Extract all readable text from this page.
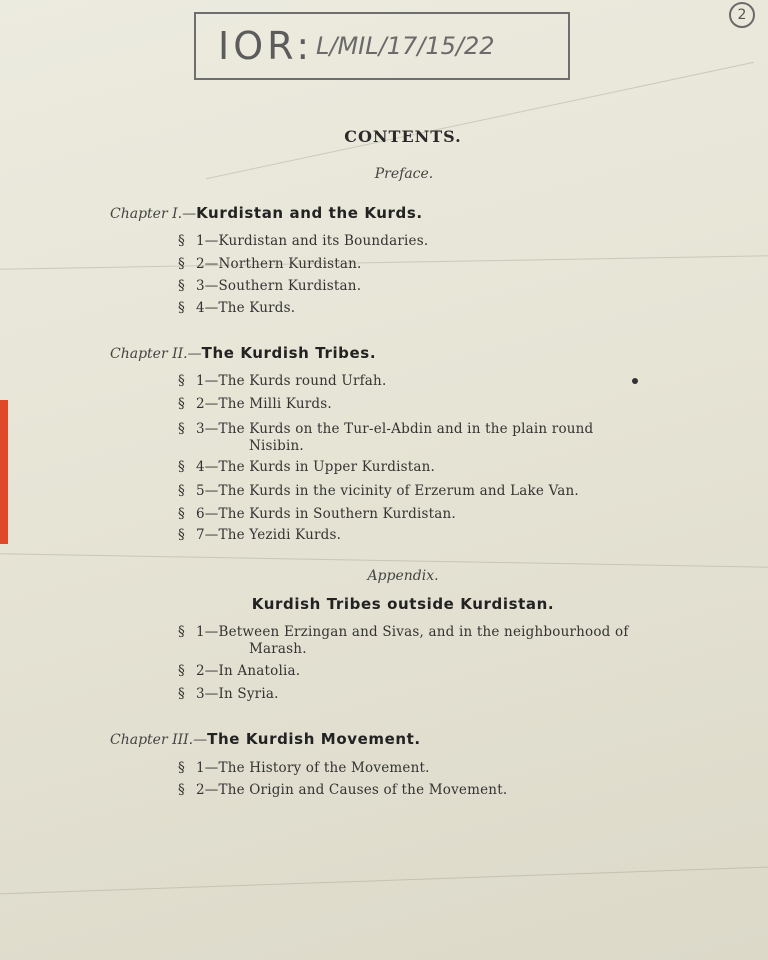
IOR: L/MIL/17/15/22
2
CONTENTS.
Preface.
Chapter I.—Kurdistan and the Kurds.
§ 1—Kurdistan and its Boundaries.
§ 2—Northern Kurdistan.
§ 3—Southern Kurdistan.
§ 4—The Kurds.
Chapter II.—The Kurdish Tribes.
§ 1—The Kurds round Urfah.
§ 2—The Milli Kurds.
§ 3—The Kurds on the Tur-el-Abdin and in the plain round
Nisibin.
§ 4—The Kurds in Upper Kurdistan.
§ 5—The Kurds in the vicinity of Erzerum and Lake Van.
§ 6—The Kurds in Southern Kurdistan.
§ 7—The Yezidi Kurds.
Appendix.
Kurdish Tribes outside Kurdistan.
§ 1—Between Erzingan and Sivas, and in the neighbourhood of
Marash.
§ 2—In Anatolia.
§ 3—In Syria.
Chapter III.—The Kurdish Movement.
§ 1—The History of the Movement.
§ 2—The Origin and Causes of the Movement.
